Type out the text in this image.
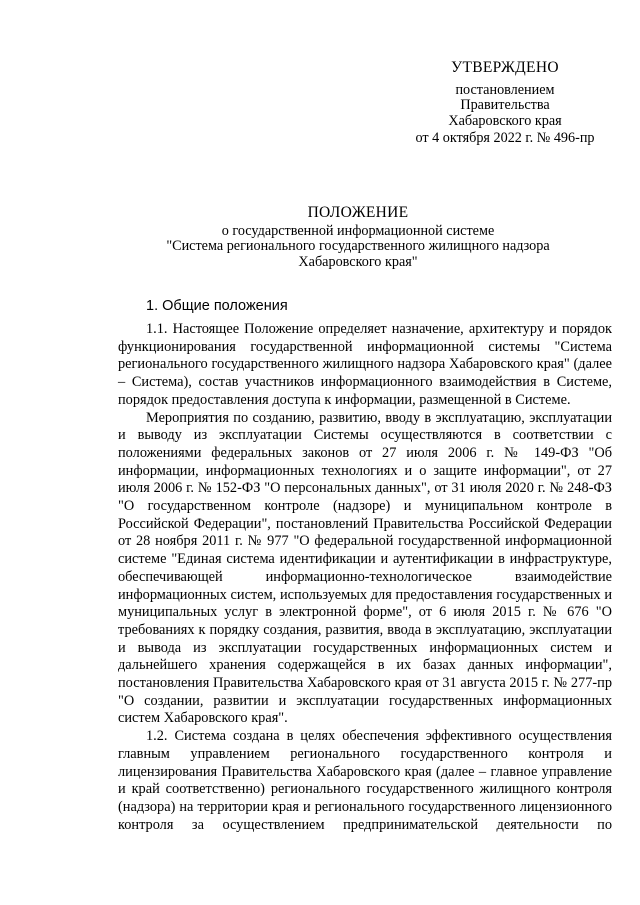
УТВЕРЖДЕНО
постановлением
Правительства
Хабаровского края
от 4 октября 2022 г. № 496-пр
ПОЛОЖЕНИЕ
о государственной информационной системе
"Система регионального государственного жилищного надзора
Хабаровского края"
1. Общие положения

1.1. Настоящее Положение определяет назначение, архитектуру и порядок функционирования государственной информационной системы "Система регионального государственного жилищного надзора Хабаровского края" (далее – Система), состав участников информационного взаимодействия в Системе, порядок предоставления доступа к информации, размещенной в Системе.

Мероприятия по созданию, развитию, вводу в эксплуатацию, эксплуатации и выводу из эксплуатации Системы осуществляются в соответствии с положениями федеральных законов от 27 июля 2006 г. № 149-ФЗ "Об информации, информационных технологиях и о защите информации", от 27 июля 2006 г. № 152-ФЗ "О персональных данных", от 31 июля 2020 г. № 248-ФЗ "О государственном контроле (надзоре) и муниципальном контроле в Российской Федерации", постановлений Правительства Российской Федерации от 28 ноября 2011 г. № 977 "О федеральной государственной информационной системе "Единая система идентификации и аутентификации в инфраструктуре, обеспечивающей информационно-технологическое взаимодействие информационных систем, используемых для предоставления государственных и муниципальных услуг в электронной форме", от 6 июля 2015 г. № 676 "О требованиях к порядку создания, развития, ввода в эксплуатацию, эксплуатации и вывода из эксплуатации государственных информационных систем и дальнейшего хранения содержащейся в их базах данных информации", постановления Правительства Хабаровского края от 31 августа 2015 г. № 277-пр "О создании, развитии и эксплуатации государственных информационных систем Хабаровского края".

1.2. Система создана в целях обеспечения эффективного осуществления главным управлением регионального государственного контроля и лицензирования Правительства Хабаровского края (далее – главное управление и край соответственно) регионального государственного жилищного контроля (надзора) на территории края и регионального государственного лицензионного контроля за осуществлением предпринимательской деятельности по
